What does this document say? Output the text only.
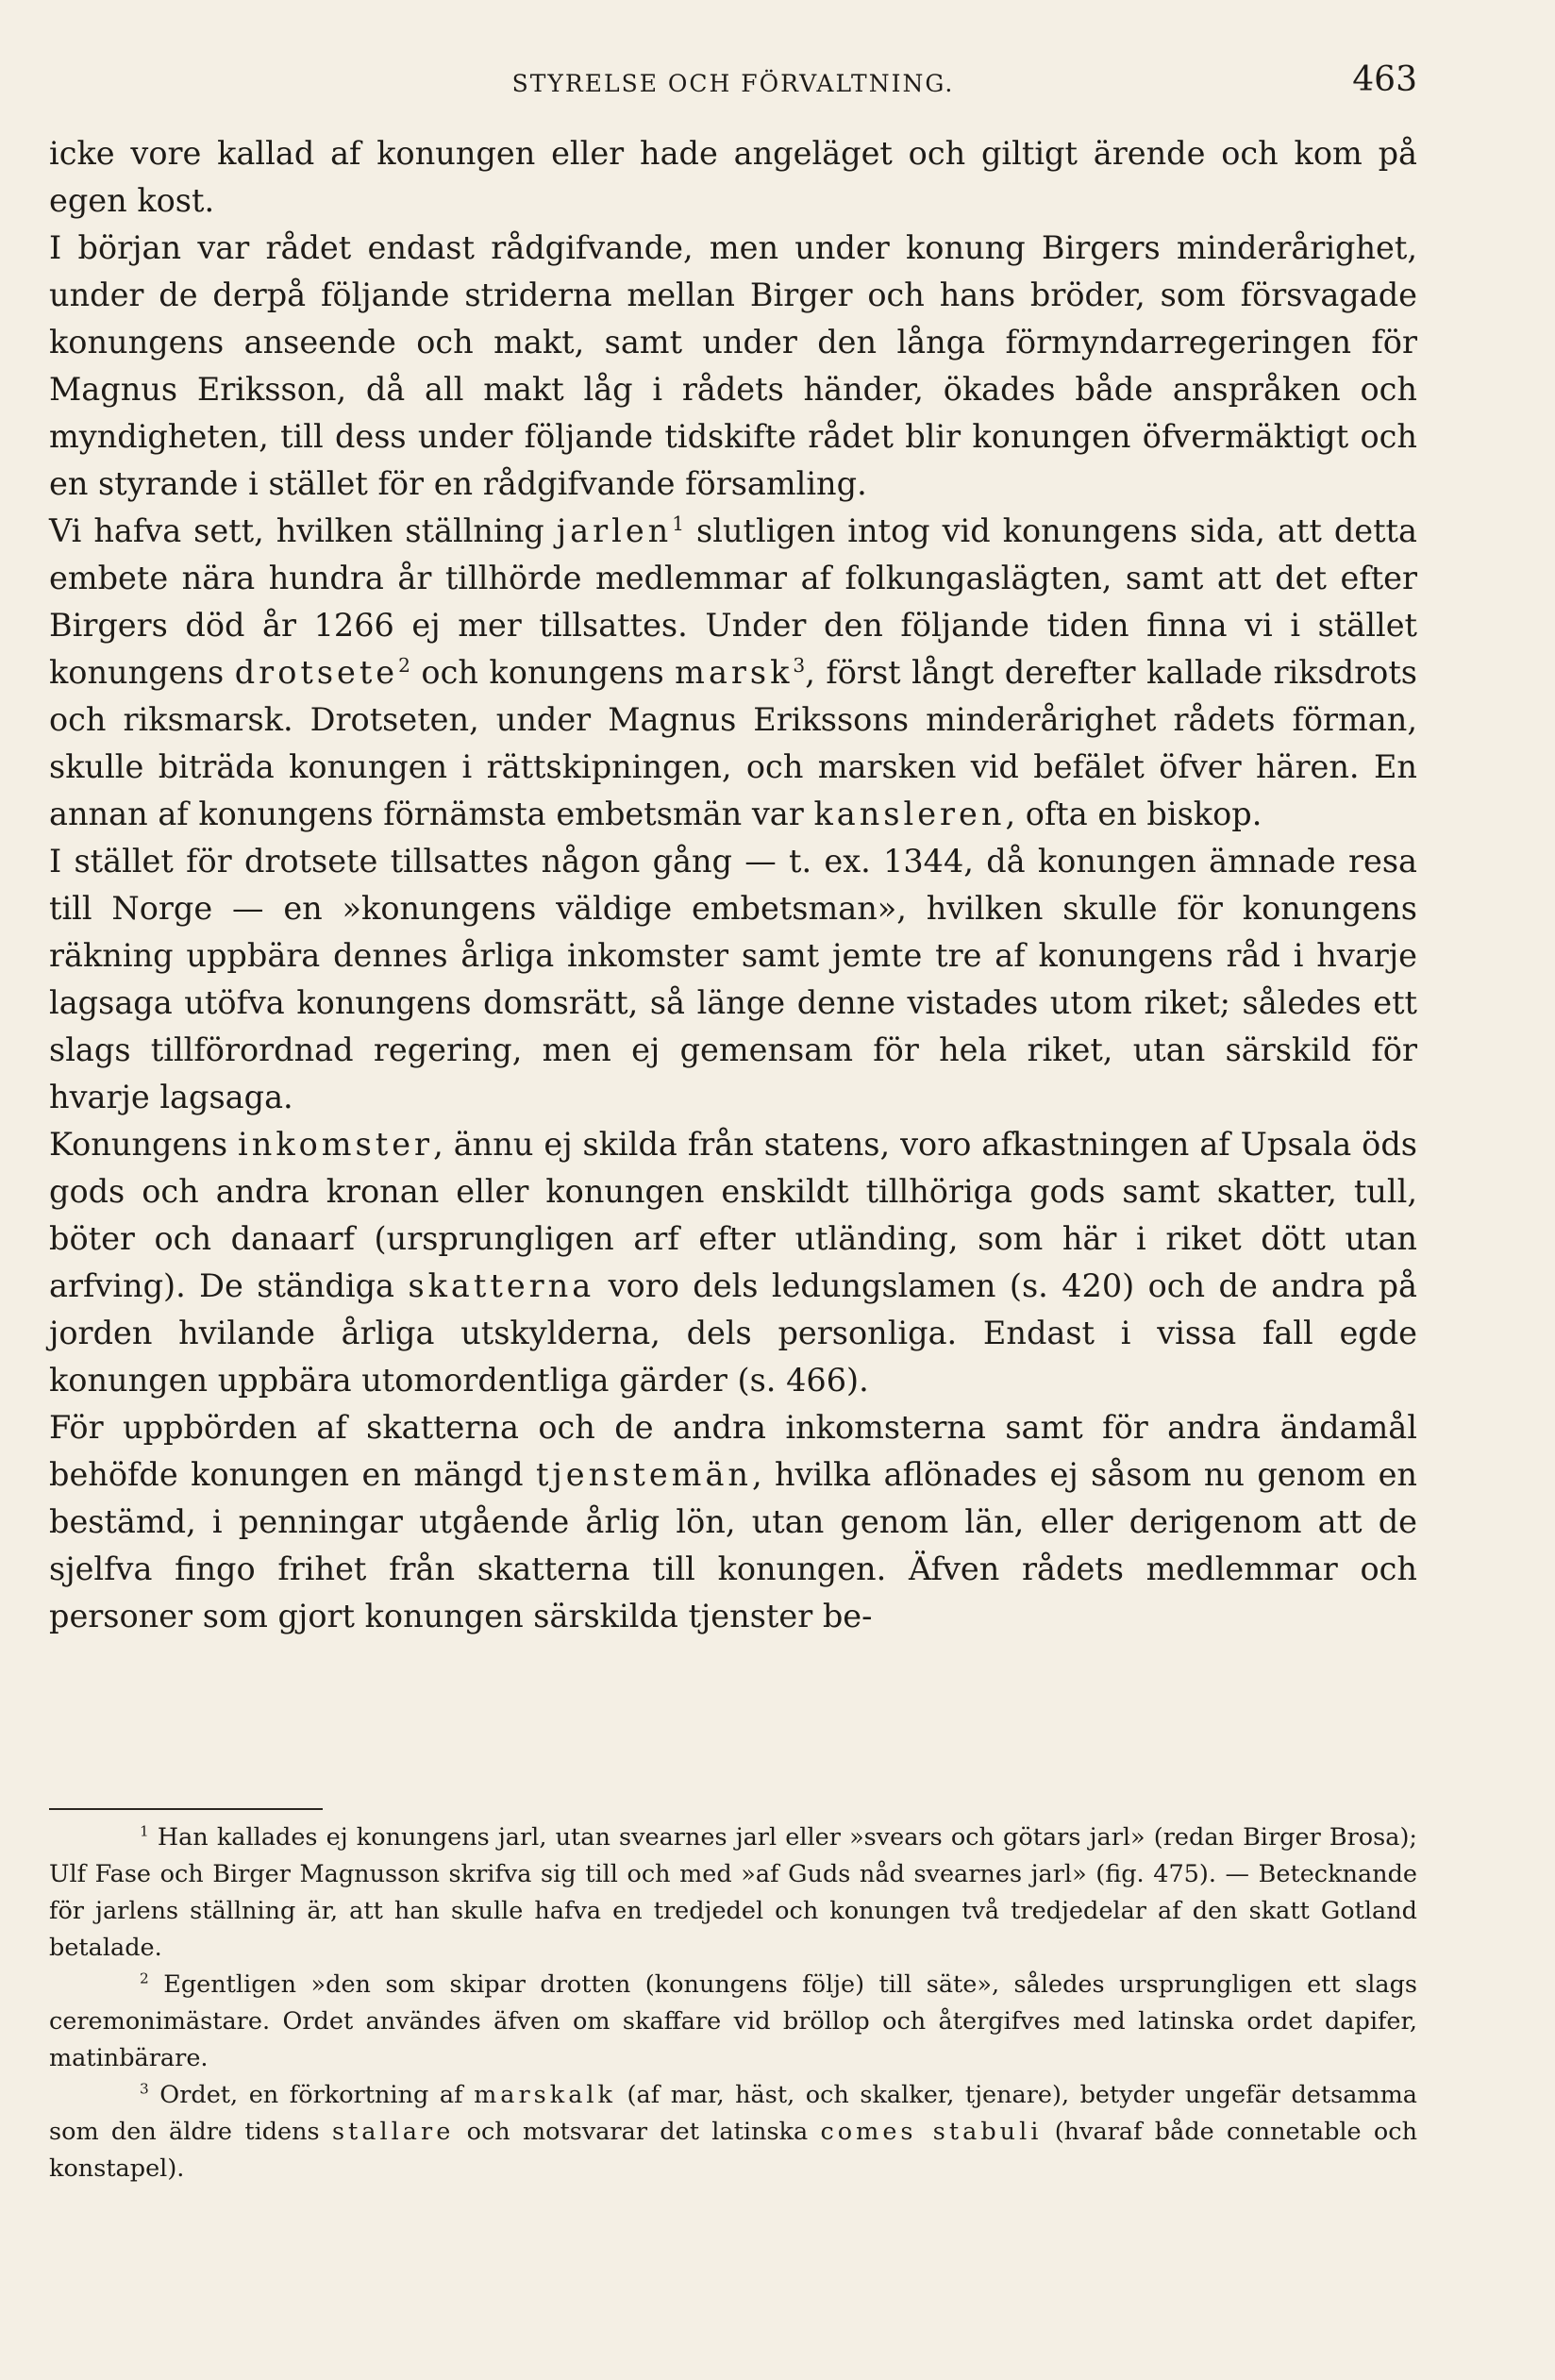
STYRELSE OCH FÖRVALTNING.	463

icke vore kallad af konungen eller hade angeläget och giltigt ärende och kom på egen kost.

I början var rådet endast rådgifvande, men under konung Birgers minderårighet, under de derpå följande striderna mellan Birger och hans bröder, som försvagade konungens anseende och makt, samt under den långa förmyndarregeringen för Magnus Eriksson, då all makt låg i rådets händer, ökades både anspråken och myndigheten, till dess under följande tidskifte rådet blir konungen öfvermäktigt och en styrande i stället för en rådgifvande församling.

Vi hafva sett, hvilken ställning jarlen$^1$ slutligen intog vid konungens sida, att detta embete nära hundra år tillhörde medlemmar af folkungaslägten, samt att det efter Birgers död år 1266 ej mer tillsattes. Under den följande tiden finna vi i stället konungens drotsete$^2$ och konungens marsk$^3$, först långt derefter kallade riksdrots och riksmarsk. Drotseten, under Magnus Erikssons minderårighet rådets förman, skulle biträda konungen i rättskipningen, och marsken vid befälet öfver hären. En annan af konungens förnämsta embetsmän var kansleren, ofta en biskop.

I stället för drotsete tillsattes någon gång — t. ex. 1344, då konungen ämnade resa till Norge — en »konungens väldige embetsman», hvilken skulle för konungens räkning uppbära dennes årliga inkomster samt jemte tre af konungens råd i hvarje lagsaga utöfva konungens domsrätt, så länge denne vistades utom riket; således ett slags tillförordnad regering, men ej gemensam för hela riket, utan särskild för hvarje lagsaga.

Konungens inkomster, ännu ej skilda från statens, voro afkastningen af Upsala öds gods och andra kronan eller konungen enskildt tillhöriga gods samt skatter, tull, böter och danaarf (ursprungligen arf efter utländing, som här i riket dött utan arfving). De ständiga skatterna voro dels ledungslamen (s. 420) och de andra på jorden hvilande årliga utskylderna, dels personliga. Endast i vissa fall egde konungen uppbära utomordentliga gärder (s. 466).

För uppbörden af skatterna och de andra inkomsterna samt för andra ändamål behöfde konungen en mängd tjenstemän, hvilka aflönades ej såsom nu genom en bestämd, i penningar utgående årlig lön, utan genom län, eller derigenom att de sjelfva fingo frihet från skatterna till konungen. Äfven rådets medlemmar och personer som gjort konungen särskilda tjenster be-

$^1$ Han kallades ej konungens jarl, utan svearnes jarl eller »svears och götars jarl» (redan Birger Brosa); Ulf Fase och Birger Magnusson skrifva sig till och med »af Guds nåd svearnes jarl» (fig. 475). — Betecknande för jarlens ställning är, att han skulle hafva en tredjedel och konungen två tredjedelar af den skatt Gotland betalade.

$^2$ Egentligen »den som skipar drotten (konungens följe) till säte», således ursprungligen ett slags ceremonimästare. Ordet användes äfven om skaffare vid bröllop och återgifves med latinska ordet dapifer, matinbärare.

$^3$ Ordet, en förkortning af marskalk (af mar, häst, och skalker, tjenare), betyder ungefär detsamma som den äldre tidens stallare och motsvarar det latinska comes stabuli (hvaraf både connetable och konstapel).
